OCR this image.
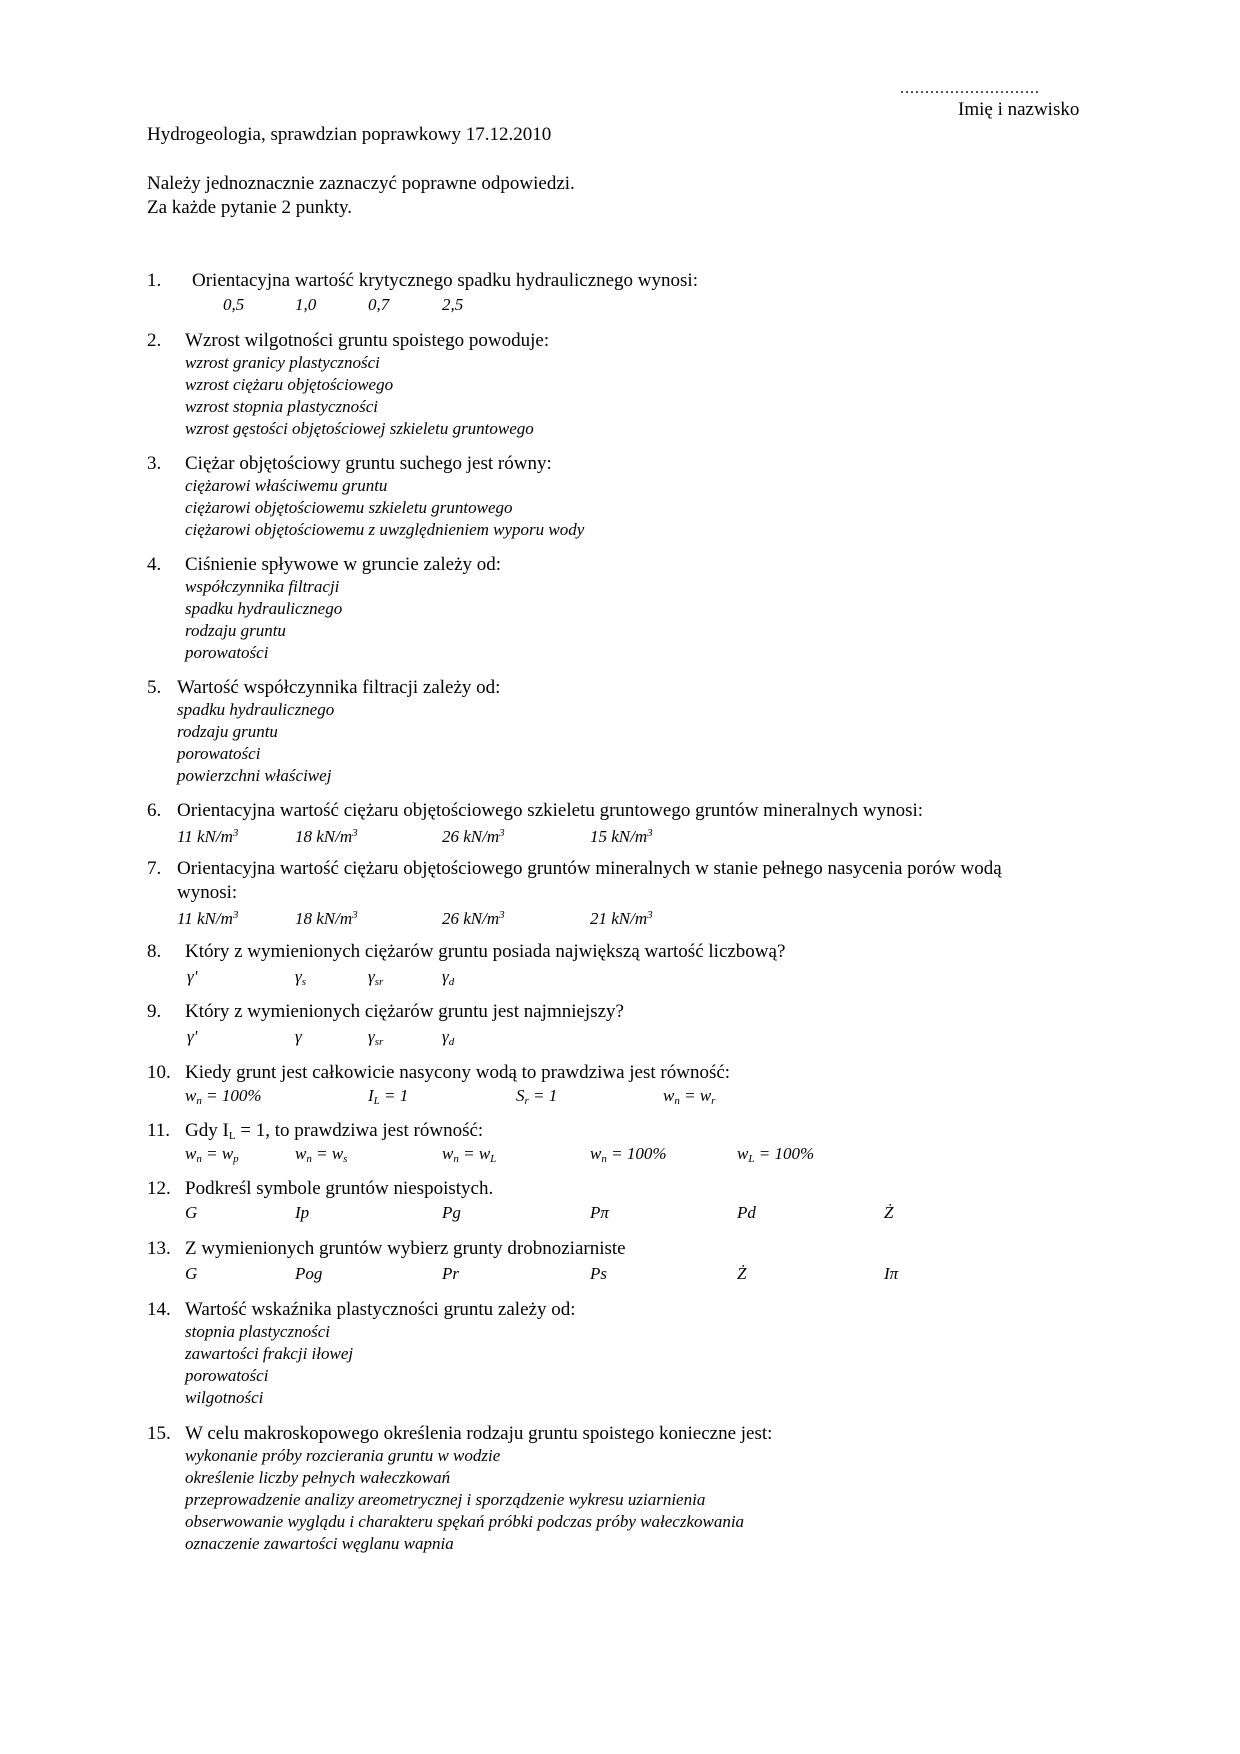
............................
Imię i nazwisko
Hydrogeologia, sprawdzian poprawkowy 17.12.2010
Należy jednoznacznie zaznaczyć poprawne odpowiedzi.
Za każde pytanie 2 punkty.
1. Orientacyjna wartość krytycznego spadku hydraulicznego wynosi:
0,5	1,0	0,7	2,5
2. Wzrost wilgotności gruntu spoistego powoduje:
wzrost granicy plastyczności
wzrost ciężaru objętościowego
wzrost stopnia plastyczności
wzrost gęstości objętościowej szkieletu gruntowego
3. Ciężar objętościowy gruntu suchego jest równy:
ciężarowi właściwemu gruntu
ciężarowi objętościowemu szkieletu gruntowego
ciężarowi objętościowemu z uwzględnieniem wyporu wody
4. Ciśnienie spływowe w gruncie zależy od:
współczynnika filtracji
spadku hydraulicznego
rodzaju gruntu
porowatości
5. Wartość współczynnika filtracji zależy od:
spadku hydraulicznego
rodzaju gruntu
porowatości
powierzchni właściwej
6. Orientacyjna wartość ciężaru objętościowego szkieletu gruntowego gruntów mineralnych wynosi:
11 $kN/m^3$	18 $kN/m^3$	26 $kN/m^3$	15 $kN/m^3$
7. Orientacyjna wartość ciężaru objętościowego gruntów mineralnych w stanie pełnego nasycenia porów wodą
wynosi:
11 $kN/m^3$	18 $kN/m^3$	26 $kN/m^3$	21 $kN/m^3$
8. Który z wymienionych ciężarów gruntu posiada największą wartość liczbową?
γ'	$\gamma_s$	$\gamma_{sr}$	$\gamma_d$
9. Który z wymienionych ciężarów gruntu jest najmniejszy?
γ'	γ	$\gamma_{sr}$	$\gamma_d$
10. Kiedy grunt jest całkowicie nasycony wodą to prawdziwa jest równość:
$w_n = 100\%$	$I_L = 1$	$S_r = 1$	$w_n = w_r$
11. Gdy $I_L = 1$, to prawdziwa jest równość:
$w_n = w_p$	$w_n = w_s$	$w_n = w_L$	$w_n = 100\%$	$w_L = 100\%$
12. Podkreśl symbole gruntów niespoistych.
G	Ip	Pg	Pπ	Pd	Ż
13. Z wymienionych gruntów wybierz grunty drobnoziarniste
G	Pog	Pr	Ps	Ż	Iπ
14. Wartość wskaźnika plastyczności gruntu zależy od:
stopnia plastyczności
zawartości frakcji iłowej
porowatości
wilgotności
15. W celu makroskopowego określenia rodzaju gruntu spoistego konieczne jest:
wykonanie próby rozcierania gruntu w wodzie
określenie liczby pełnych wałeczkowań
przeprowadzenie analizy areometrycznej i sporządzenie wykresu uziarnienia
obserwowanie wyglądu i charakteru spękań próbki podczas próby wałeczkowania
oznaczenie zawartości węglanu wapnia
